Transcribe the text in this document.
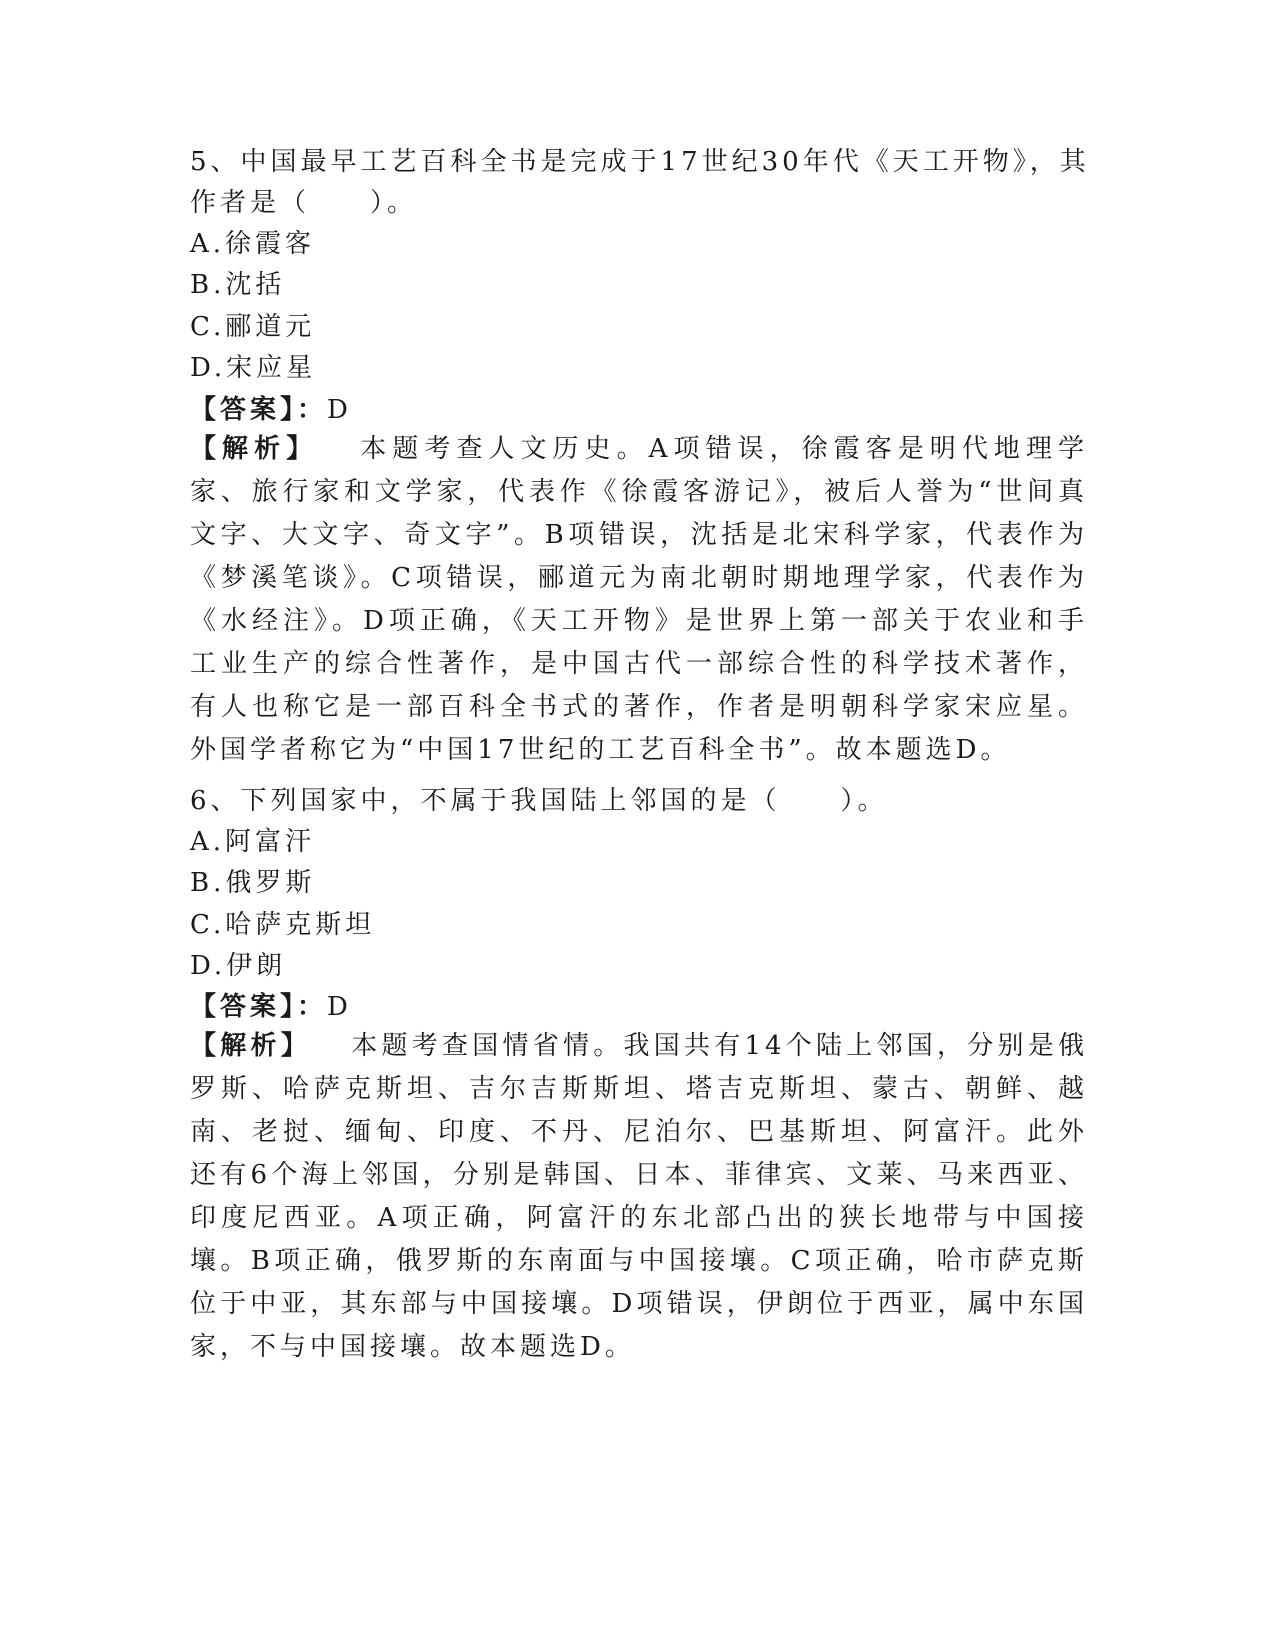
5、中国最早工艺百科全书是完成于17世纪30年代《天工开物》，其
作者是（　　）。
A.徐霞客
B.沈括
C.郦道元
D.宋应星
【答案】：D
【解析】 本题考查人文历史。A项错误，徐霞客是明代地理学家、旅行家和文学家，代表作《徐霞客游记》，被后人誉为“世间真文字、大文字、奇文字”。B项错误，沈括是北宋科学家，代表作为《梦溪笔谈》。C项错误，郦道元为南北朝时期地理学家，代表作为《水经注》。D项正确，《天工开物》是世界上第一部关于农业和手工业生产的综合性著作，是中国古代一部综合性的科学技术著作，有人也称它是一部百科全书式的著作，作者是明朝科学家宋应星。外国学者称它为“中国17世纪的工艺百科全书”。故本题选D。
6、下列国家中，不属于我国陆上邻国的是（　　）。
A.阿富汗
B.俄罗斯
C.哈萨克斯坦
D.伊朗
【答案】：D
【解析】 本题考查国情省情。我国共有14个陆上邻国，分别是俄罗斯、哈萨克斯坦、吉尔吉斯斯坦、塔吉克斯坦、蒙古、朝鲜、越南、老挝、缅甸、印度、不丹、尼泊尔、巴基斯坦、阿富汗。此外还有6个海上邻国，分别是韩国、日本、菲律宾、文莱、马来西亚、印度尼西亚。A项正确，阿富汗的东北部凸出的狭长地带与中国接壤。B项正确，俄罗斯的东南面与中国接壤。C项正确，哈市萨克斯位于中亚，其东部与中国接壤。D项错误，伊朗位于西亚，属中东国家，不与中国接壤。故本题选D。
